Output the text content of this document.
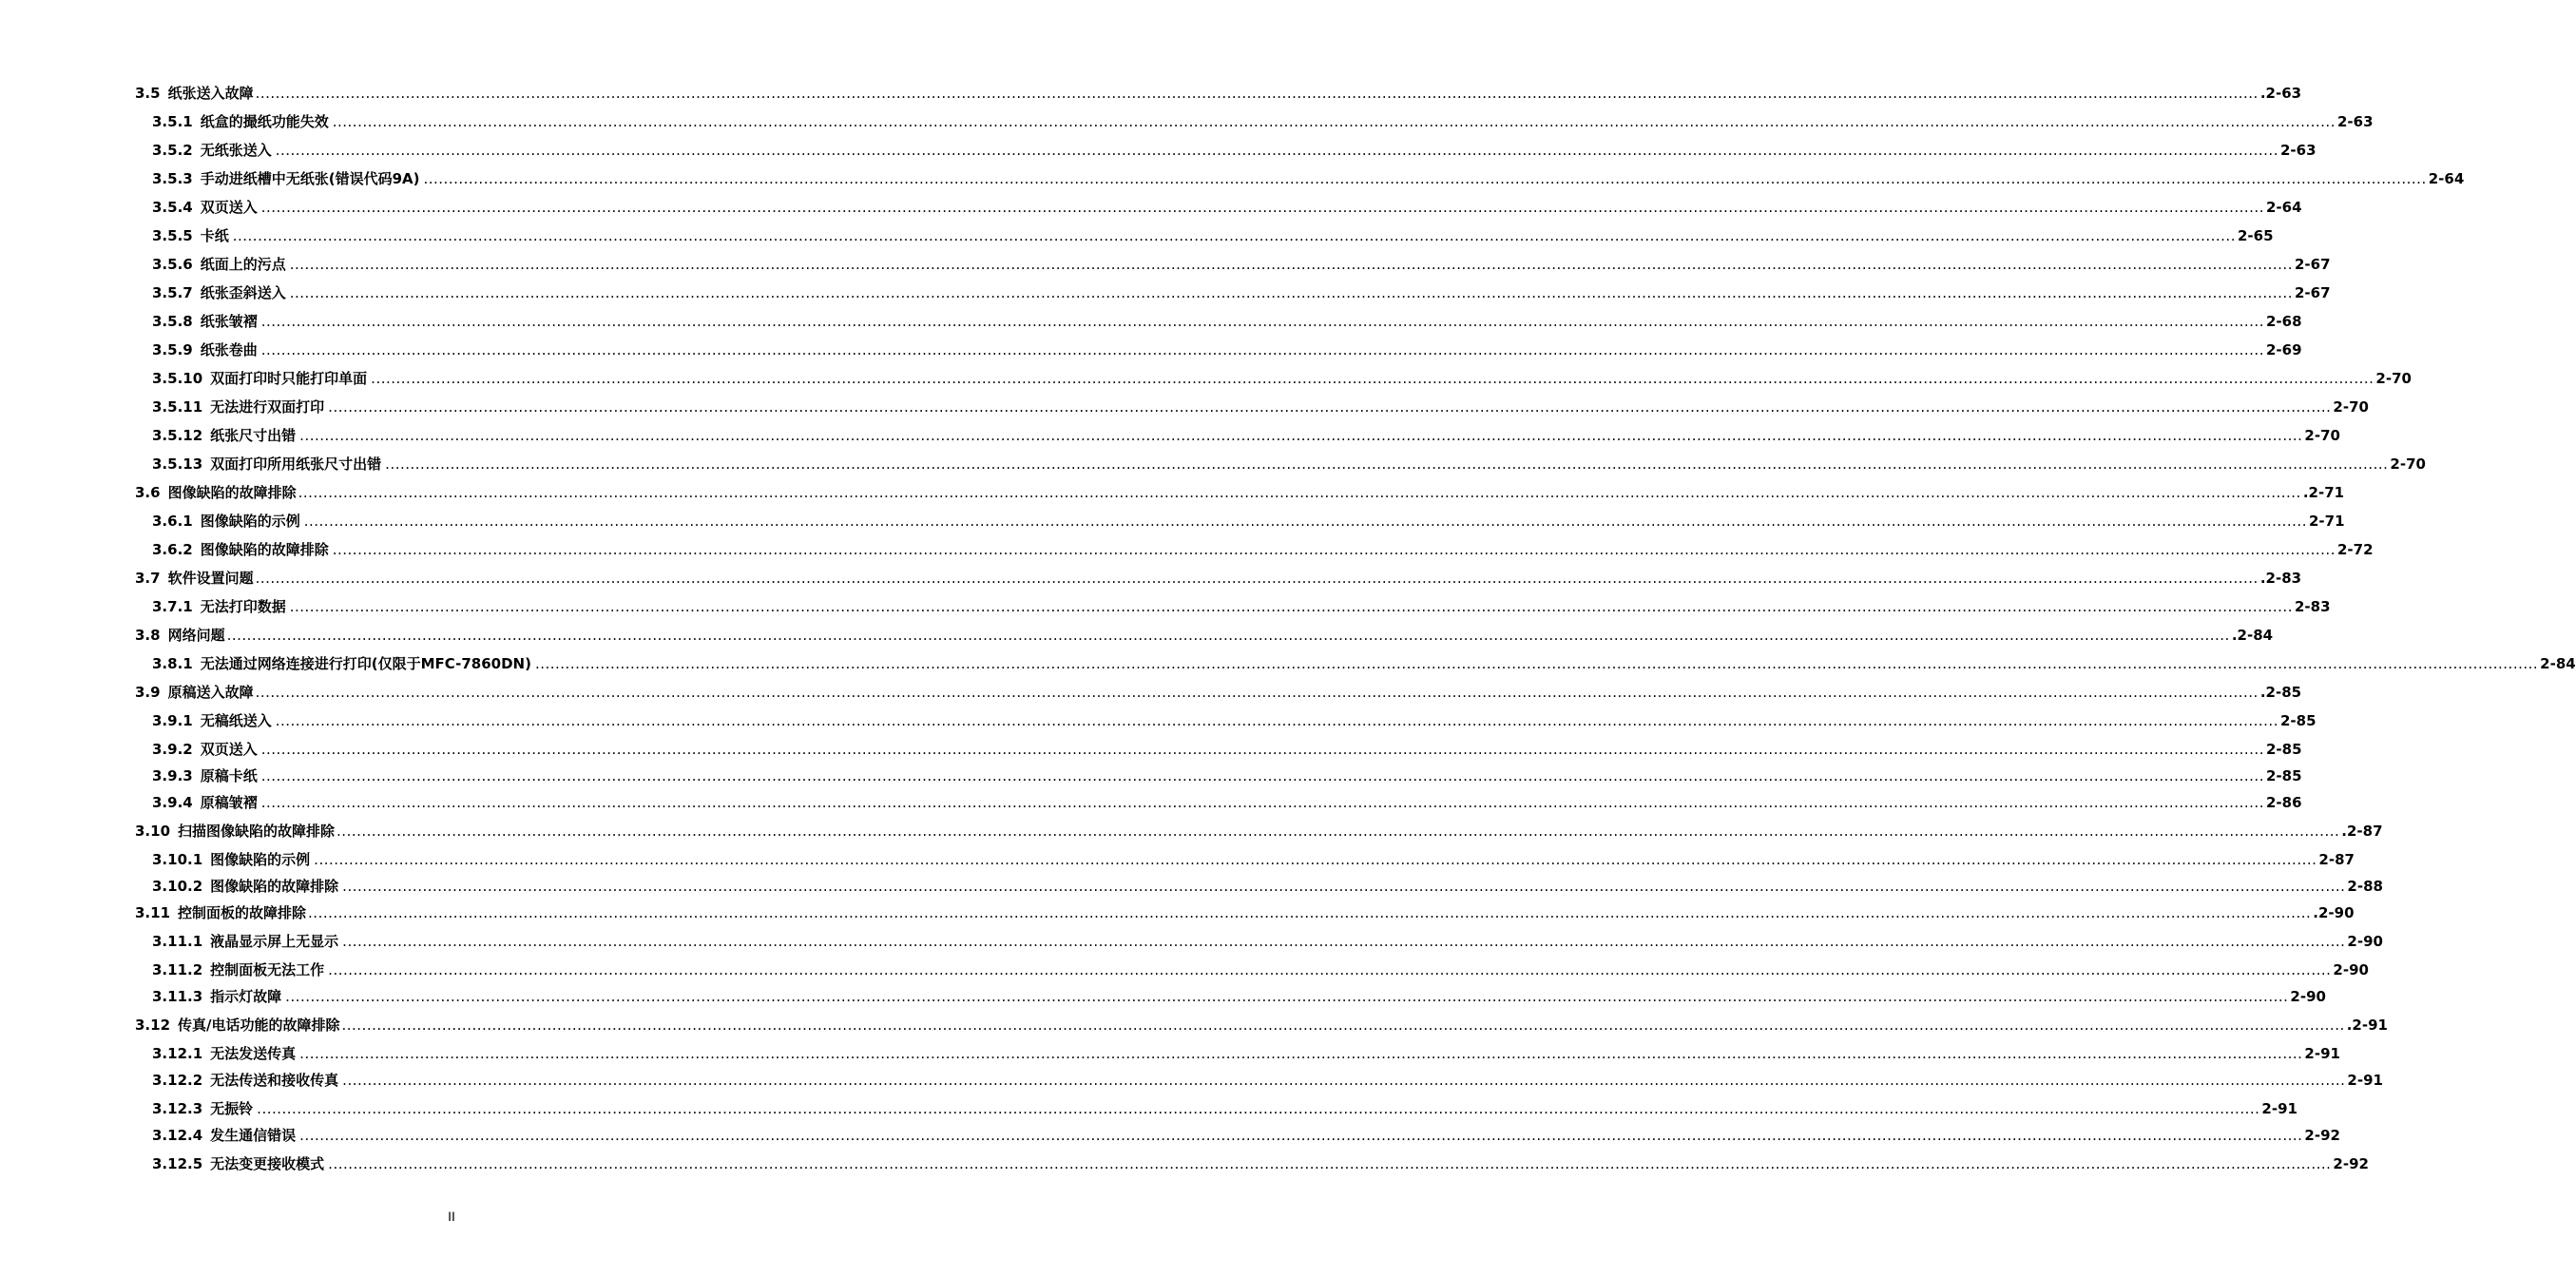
3.5 纸张送入故障 ................................................................................................................................................................................................................................................................................................................................................................................................................ .2-63
3.5.1 纸盒的撮纸功能失效 ................................................................................................................................................................................................................................................................................................................................................................................................................ 2-63
3.5.2 无纸张送入 ................................................................................................................................................................................................................................................................................................................................................................................................................ 2-63
3.5.3 手动进纸槽中无纸张(错误代码9A) ................................................................................................................................................................................................................................................................................................................................................................................................................ 2-64
3.5.4 双页送入 ................................................................................................................................................................................................................................................................................................................................................................................................................ 2-64
3.5.5 卡纸 ................................................................................................................................................................................................................................................................................................................................................................................................................ 2-65
3.5.6 纸面上的污点 ................................................................................................................................................................................................................................................................................................................................................................................................................ 2-67
3.5.7 纸张歪斜送入 ................................................................................................................................................................................................................................................................................................................................................................................................................ 2-67
3.5.8 纸张皱褶 ................................................................................................................................................................................................................................................................................................................................................................................................................ 2-68
3.5.9 纸张卷曲 ................................................................................................................................................................................................................................................................................................................................................................................................................ 2-69
3.5.10 双面打印时只能打印单面 ................................................................................................................................................................................................................................................................................................................................................................................................................ 2-70
3.5.11 无法进行双面打印 ................................................................................................................................................................................................................................................................................................................................................................................................................ 2-70
3.5.12 纸张尺寸出错 ................................................................................................................................................................................................................................................................................................................................................................................................................ 2-70
3.5.13 双面打印所用纸张尺寸出错 ................................................................................................................................................................................................................................................................................................................................................................................................................ 2-70
3.6 图像缺陷的故障排除 ................................................................................................................................................................................................................................................................................................................................................................................................................ .2-71
3.6.1 图像缺陷的示例 ................................................................................................................................................................................................................................................................................................................................................................................................................ 2-71
3.6.2 图像缺陷的故障排除 ................................................................................................................................................................................................................................................................................................................................................................................................................ 2-72
3.7 软件设置问题 ................................................................................................................................................................................................................................................................................................................................................................................................................ .2-83
3.7.1 无法打印数据 ................................................................................................................................................................................................................................................................................................................................................................................................................ 2-83
3.8 网络问题 ................................................................................................................................................................................................................................................................................................................................................................................................................ .2-84
3.8.1 无法通过网络连接进行打印(仅限于MFC-7860DN) ................................................................................................................................................................................................................................................................................................................................................................................................................ 2-84
3.9 原稿送入故障 ................................................................................................................................................................................................................................................................................................................................................................................................................ .2-85
3.9.1 无稿纸送入 ................................................................................................................................................................................................................................................................................................................................................................................................................ 2-85
3.9.2 双页送入 ................................................................................................................................................................................................................................................................................................................................................................................................................ 2-85
3.9.3 原稿卡纸 ................................................................................................................................................................................................................................................................................................................................................................................................................ 2-85
3.9.4 原稿皱褶 ................................................................................................................................................................................................................................................................................................................................................................................................................ 2-86
3.10 扫描图像缺陷的故障排除 ................................................................................................................................................................................................................................................................................................................................................................................................................ .2-87
3.10.1 图像缺陷的示例 ................................................................................................................................................................................................................................................................................................................................................................................................................ 2-87
3.10.2 图像缺陷的故障排除 ................................................................................................................................................................................................................................................................................................................................................................................................................ 2-88
3.11 控制面板的故障排除 ................................................................................................................................................................................................................................................................................................................................................................................................................ .2-90
3.11.1 液晶显示屏上无显示 ................................................................................................................................................................................................................................................................................................................................................................................................................ 2-90
3.11.2 控制面板无法工作 ................................................................................................................................................................................................................................................................................................................................................................................................................ 2-90
3.11.3 指示灯故障 ................................................................................................................................................................................................................................................................................................................................................................................................................ 2-90
3.12 传真/电话功能的故障排除 ................................................................................................................................................................................................................................................................................................................................................................................................................ .2-91
3.12.1 无法发送传真 ................................................................................................................................................................................................................................................................................................................................................................................................................ 2-91
3.12.2 无法传送和接收传真 ................................................................................................................................................................................................................................................................................................................................................................................................................ 2-91
3.12.3 无振铃 ................................................................................................................................................................................................................................................................................................................................................................................................................ 2-91
3.12.4 发生通信错误 ................................................................................................................................................................................................................................................................................................................................................................................................................ 2-92
3.12.5 无法变更接收模式 ................................................................................................................................................................................................................................................................................................................................................................................................................ 2-92
II
